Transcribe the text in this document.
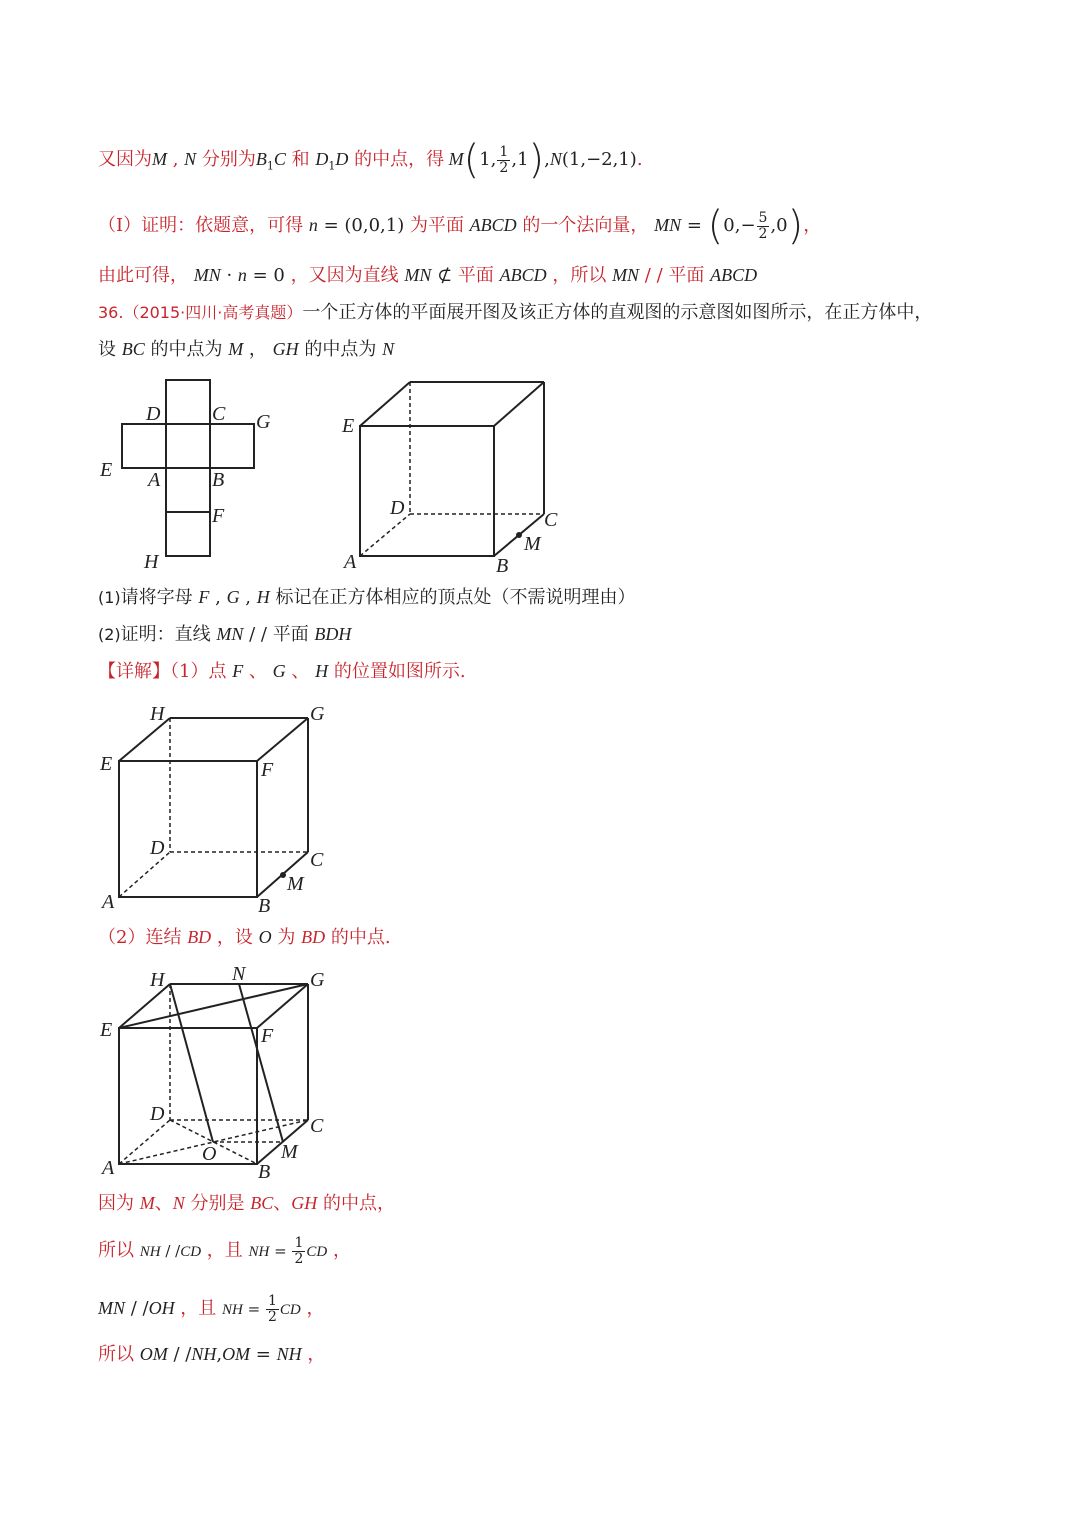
又因为M , N 分别为$B_1C$ 和 $D_1D$ 的中点，得 M(1, $\frac{1}{2} ,1),N(1,-2,1)$.
（Ⅰ）证明：依题意，可得 n = (0,0,1) 为平面 ABCD 的一个法向量， MN = $(0,- \frac{5}{2} ,0)$，
由此可得， MN · n = 0 ，又因为直线 MN ⊄ 平面 ABCD ，所以 MN / / 平面 ABCD
36.（2015·四川·高考真题）一个正方体的平面展开图及该正方体的直观图的示意图如图所示，在正方体中，
设 BC 的中点为 M ， GH 的中点为 N
D	C G
E A	B
F
H
E
D
C
M
A	B
(1)请将字母 F , G , H 标记在正方体相应的顶点处（不需说明理由）
(2)证明：直线 MN / / 平面 BDH
【详解】（1）点 F 、 G 、 H 的位置如图所示.
H	G
E	F
D
C
M
A	B
（2）连结 BD ，设 O 为 BD 的中点.
H	N	G
E	F
D
C
O	M
A	B
因为 M、N 分别是 BC、GH 的中点，
所以 NH / /CD ，且 NH = $\frac{1}{2}$ CD ，
MN / /OH ，且 NH = $\frac{1}{2}$ CD ，
所以 OM / /NH,OM = NH ，
